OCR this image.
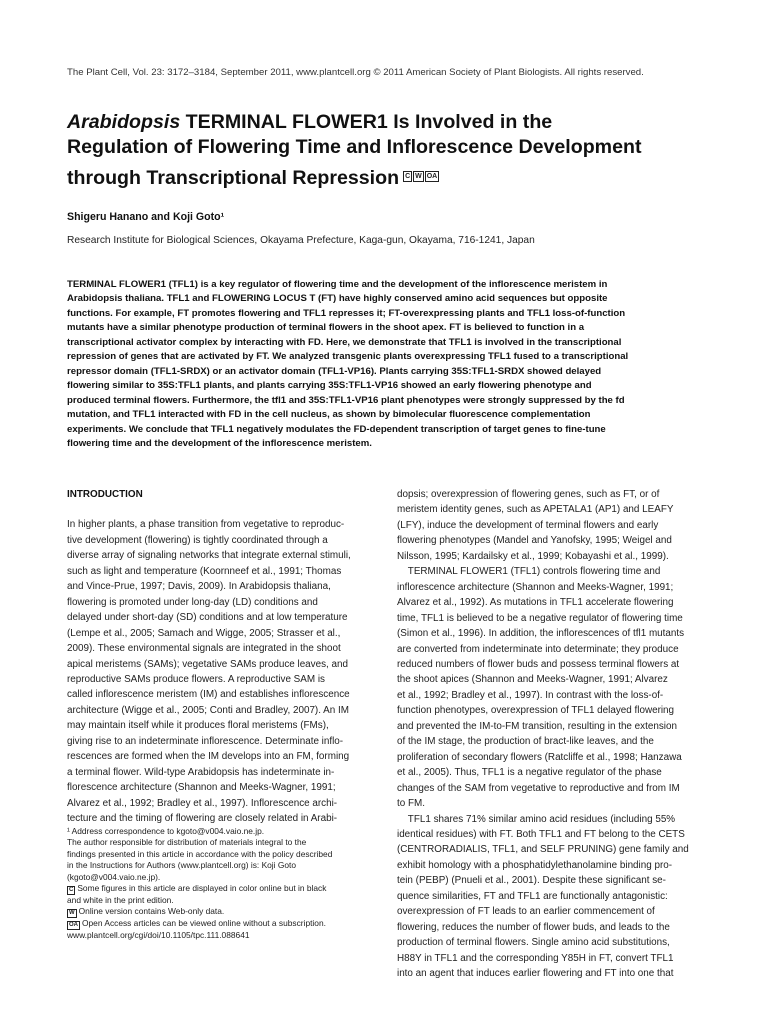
The Plant Cell, Vol. 23: 3172–3184, September 2011, www.plantcell.org © 2011 American Society of Plant Biologists. All rights reserved.
Arabidopsis TERMINAL FLOWER1 Is Involved in the
Regulation of Flowering Time and Inflorescence Development
through Transcriptional Repression C W OA
Shigeru Hanano and Koji Goto¹
Research Institute for Biological Sciences, Okayama Prefecture, Kaga-gun, Okayama, 716-1241, Japan
TERMINAL FLOWER1 (TFL1) is a key regulator of flowering time and the development of the inflorescence meristem in
Arabidopsis thaliana. TFL1 and FLOWERING LOCUS T (FT) have highly conserved amino acid sequences but opposite
functions. For example, FT promotes flowering and TFL1 represses it; FT-overexpressing plants and TFL1 loss-of-function
mutants have a similar phenotype production of terminal flowers in the shoot apex. FT is believed to function in a
transcriptional activator complex by interacting with FD. Here, we demonstrate that TFL1 is involved in the transcriptional
repression of genes that are activated by FT. We analyzed transgenic plants overexpressing TFL1 fused to a transcriptional
repressor domain (TFL1-SRDX) or an activator domain (TFL1-VP16). Plants carrying 35S:TFL1-SRDX showed delayed
flowering similar to 35S:TFL1 plants, and plants carrying 35S:TFL1-VP16 showed an early flowering phenotype and
produced terminal flowers. Furthermore, the tfl1 and 35S:TFL1-VP16 plant phenotypes were strongly suppressed by the fd
mutation, and TFL1 interacted with FD in the cell nucleus, as shown by bimolecular fluorescence complementation
experiments. We conclude that TFL1 negatively modulates the FD-dependent transcription of target genes to fine-tune
flowering time and the development of the inflorescence meristem.
INTRODUCTION
In higher plants, a phase transition from vegetative to reproduc-
tive development (flowering) is tightly coordinated through a
diverse array of signaling networks that integrate external stimuli,
such as light and temperature (Koornneef et al., 1991; Thomas
and Vince-Prue, 1997; Davis, 2009). In Arabidopsis thaliana,
flowering is promoted under long-day (LD) conditions and
delayed under short-day (SD) conditions and at low temperature
(Lempe et al., 2005; Samach and Wigge, 2005; Strasser et al.,
2009). These environmental signals are integrated in the shoot
apical meristems (SAMs); vegetative SAMs produce leaves, and
reproductive SAMs produce flowers. A reproductive SAM is
called inflorescence meristem (IM) and establishes inflorescence
architecture (Wigge et al., 2005; Conti and Bradley, 2007). An IM
may maintain itself while it produces floral meristems (FMs),
giving rise to an indeterminate inflorescence. Determinate inflo-
rescences are formed when the IM develops into an FM, forming
a terminal flower. Wild-type Arabidopsis has indeterminate in-
florescence architecture (Shannon and Meeks-Wagner, 1991;
Alvarez et al., 1992; Bradley et al., 1997). Inflorescence archi-
tecture and the timing of flowering are closely related in Arabi-
dopsis; overexpression of flowering genes, such as FT, or of
meristem identity genes, such as APETALA1 (AP1) and LEAFY
(LFY), induce the development of terminal flowers and early
flowering phenotypes (Mandel and Yanofsky, 1995; Weigel and
Nilsson, 1995; Kardailsky et al., 1999; Kobayashi et al., 1999).
TERMINAL FLOWER1 (TFL1) controls flowering time and
inflorescence architecture (Shannon and Meeks-Wagner, 1991;
Alvarez et al., 1992). As mutations in TFL1 accelerate flowering
time, TFL1 is believed to be a negative regulator of flowering time
(Simon et al., 1996). In addition, the inflorescences of tfl1 mutants
are converted from indeterminate into determinate; they produce
reduced numbers of flower buds and possess terminal flowers at
the shoot apices (Shannon and Meeks-Wagner, 1991; Alvarez
et al., 1992; Bradley et al., 1997). In contrast with the loss-of-
function phenotypes, overexpression of TFL1 delayed flowering
and prevented the IM-to-FM transition, resulting in the extension
of the IM stage, the production of bract-like leaves, and the
proliferation of secondary flowers (Ratcliffe et al., 1998; Hanzawa
et al., 2005). Thus, TFL1 is a negative regulator of the phase
changes of the SAM from vegetative to reproductive and from IM
to FM.
TFL1 shares 71% similar amino acid residues (including 55%
identical residues) with FT. Both TFL1 and FT belong to the CETS
(CENTRORADIALIS, TFL1, and SELF PRUNING) gene family and
exhibit homology with a phosphatidylethanolamine binding pro-
tein (PEBP) (Pnueli et al., 2001). Despite these significant se-
quence similarities, FT and TFL1 are functionally antagonistic:
overexpression of FT leads to an earlier commencement of
flowering, reduces the number of flower buds, and leads to the
production of terminal flowers. Single amino acid substitutions,
H88Y in TFL1 and the corresponding Y85H in FT, convert TFL1
into an agent that induces earlier flowering and FT into one that

¹ Address correspondence to kgoto@v004.vaio.ne.jp.

The author responsible for distribution of materials integral to the

findings presented in this article in accordance with the policy described

in the Instructions for Authors (www.plantcell.org) is: Koji Goto

(kgoto@v004.vaio.ne.jp).

C Some figures in this article are displayed in color online but in black

and white in the print edition.

W Online version contains Web-only data.

OA Open Access articles can be viewed online without a subscription.

www.plantcell.org/cgi/doi/10.1105/tpc.111.088641
